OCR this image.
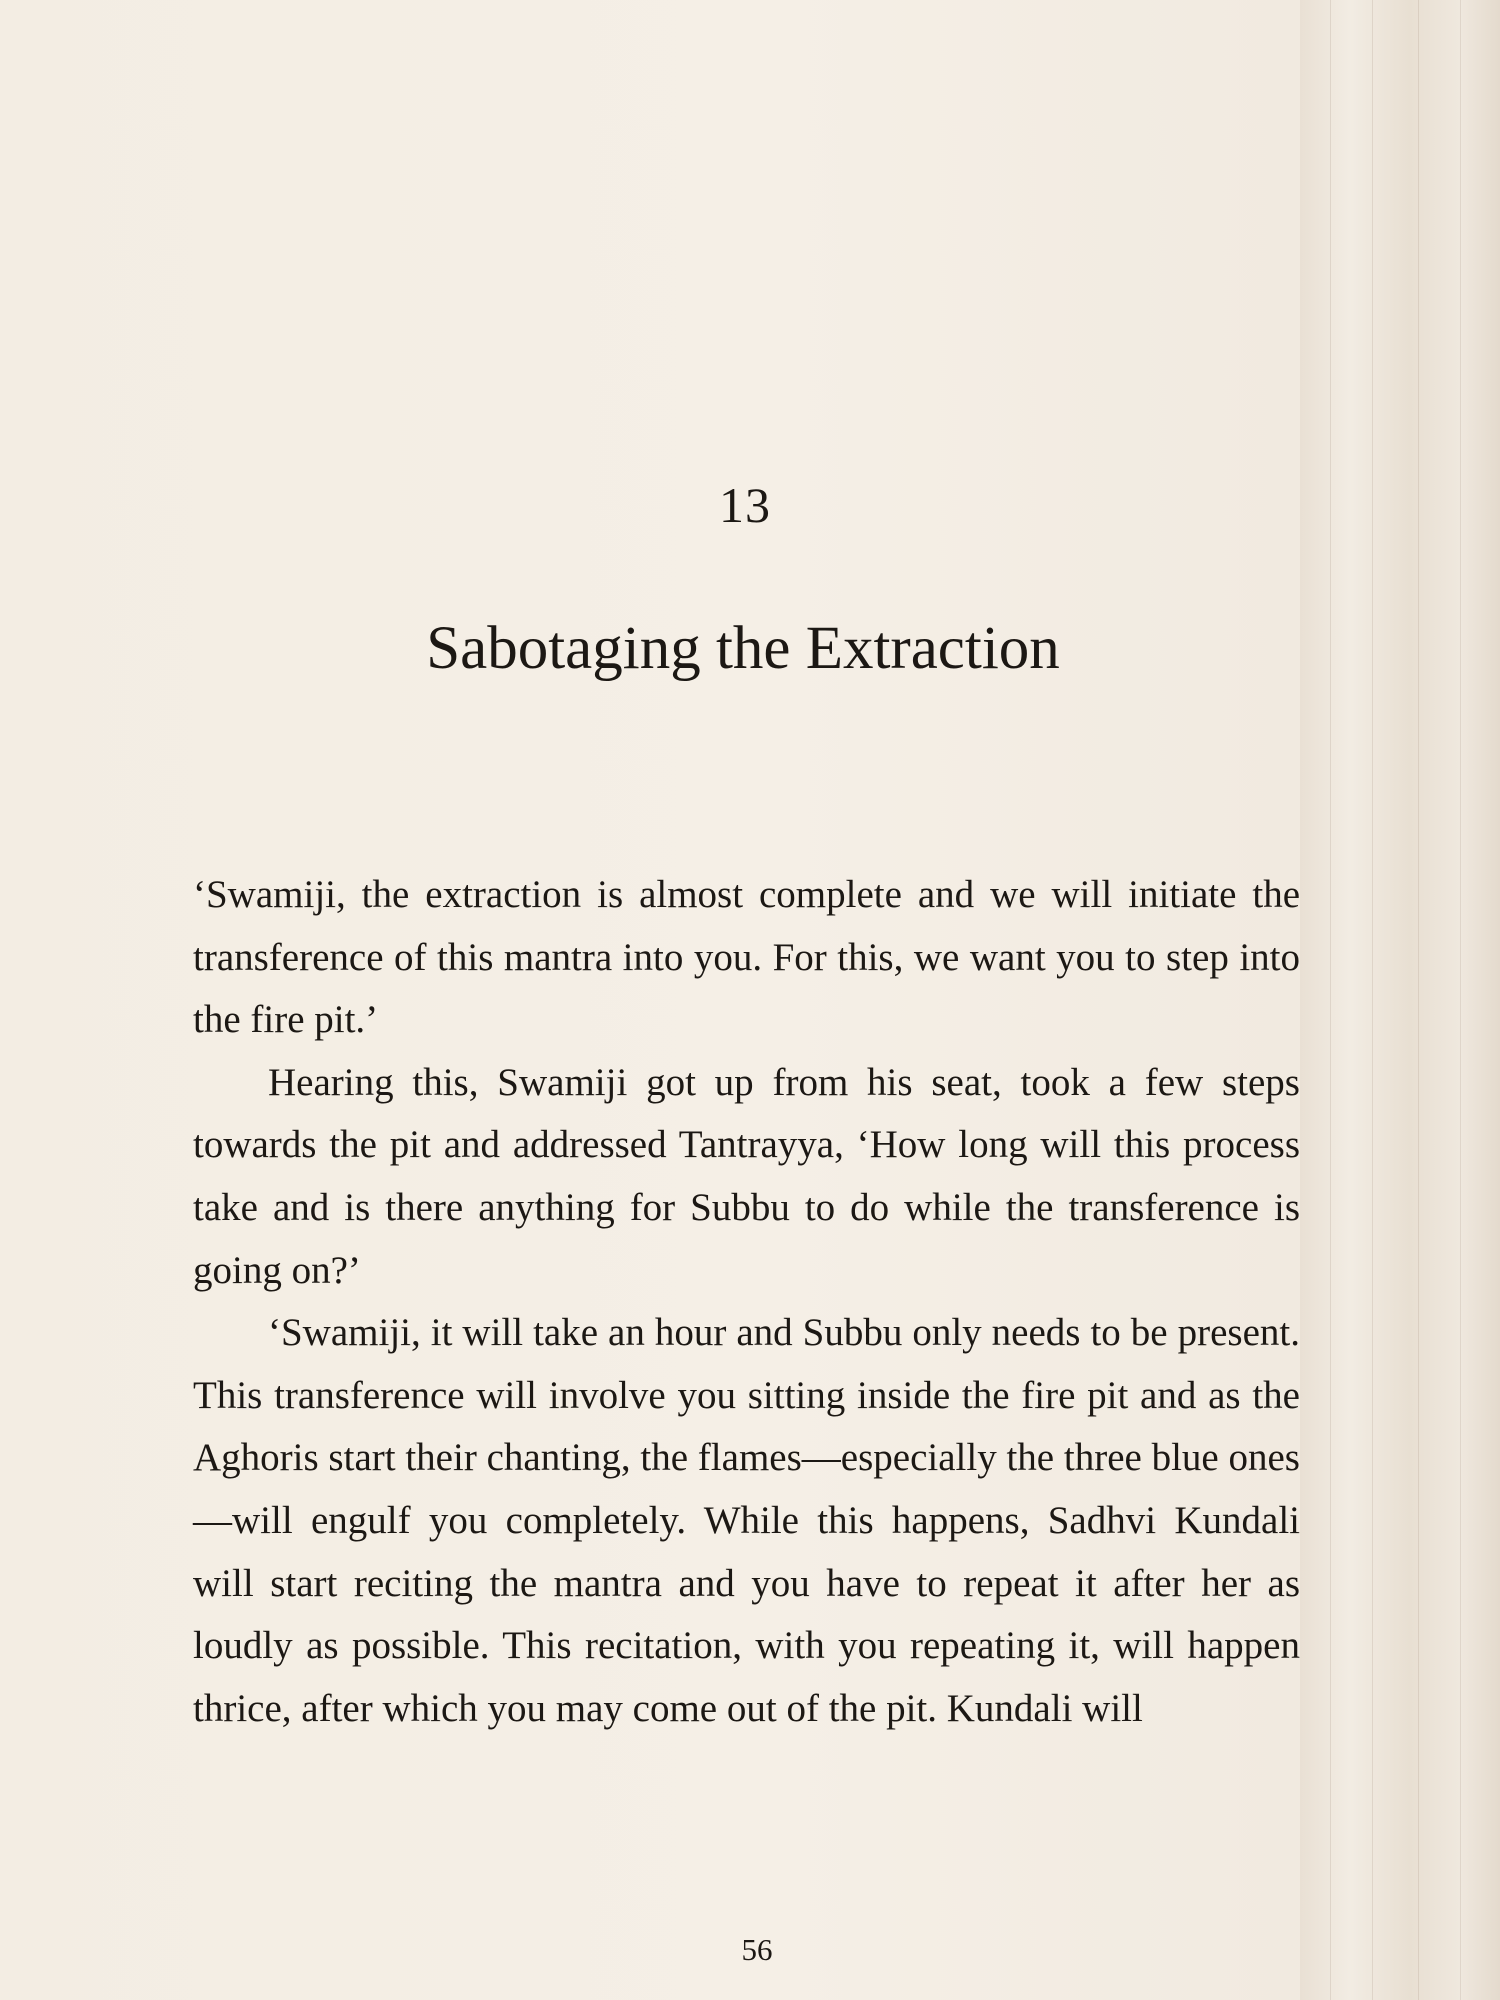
13
Sabotaging the Extraction

‘Swamiji, the extraction is almost complete and we will initiate the transference of this mantra into you. For this, we want you to step into the fire pit.’

Hearing this, Swamiji got up from his seat, took a few steps towards the pit and addressed Tantrayya, ‘How long will this process take and is there anything for Subbu to do while the transference is going on?’

‘Swamiji, it will take an hour and Subbu only needs to be present. This transference will involve you sitting inside the fire pit and as the Aghoris start their chanting, the flames—especially the three blue ones—will engulf you completely. While this happens, Sadhvi Kundali will start reciting the mantra and you have to repeat it after her as loudly as possible. This recitation, with you repeating it, will happen thrice, after which you may come out of the pit. Kundali will

56
